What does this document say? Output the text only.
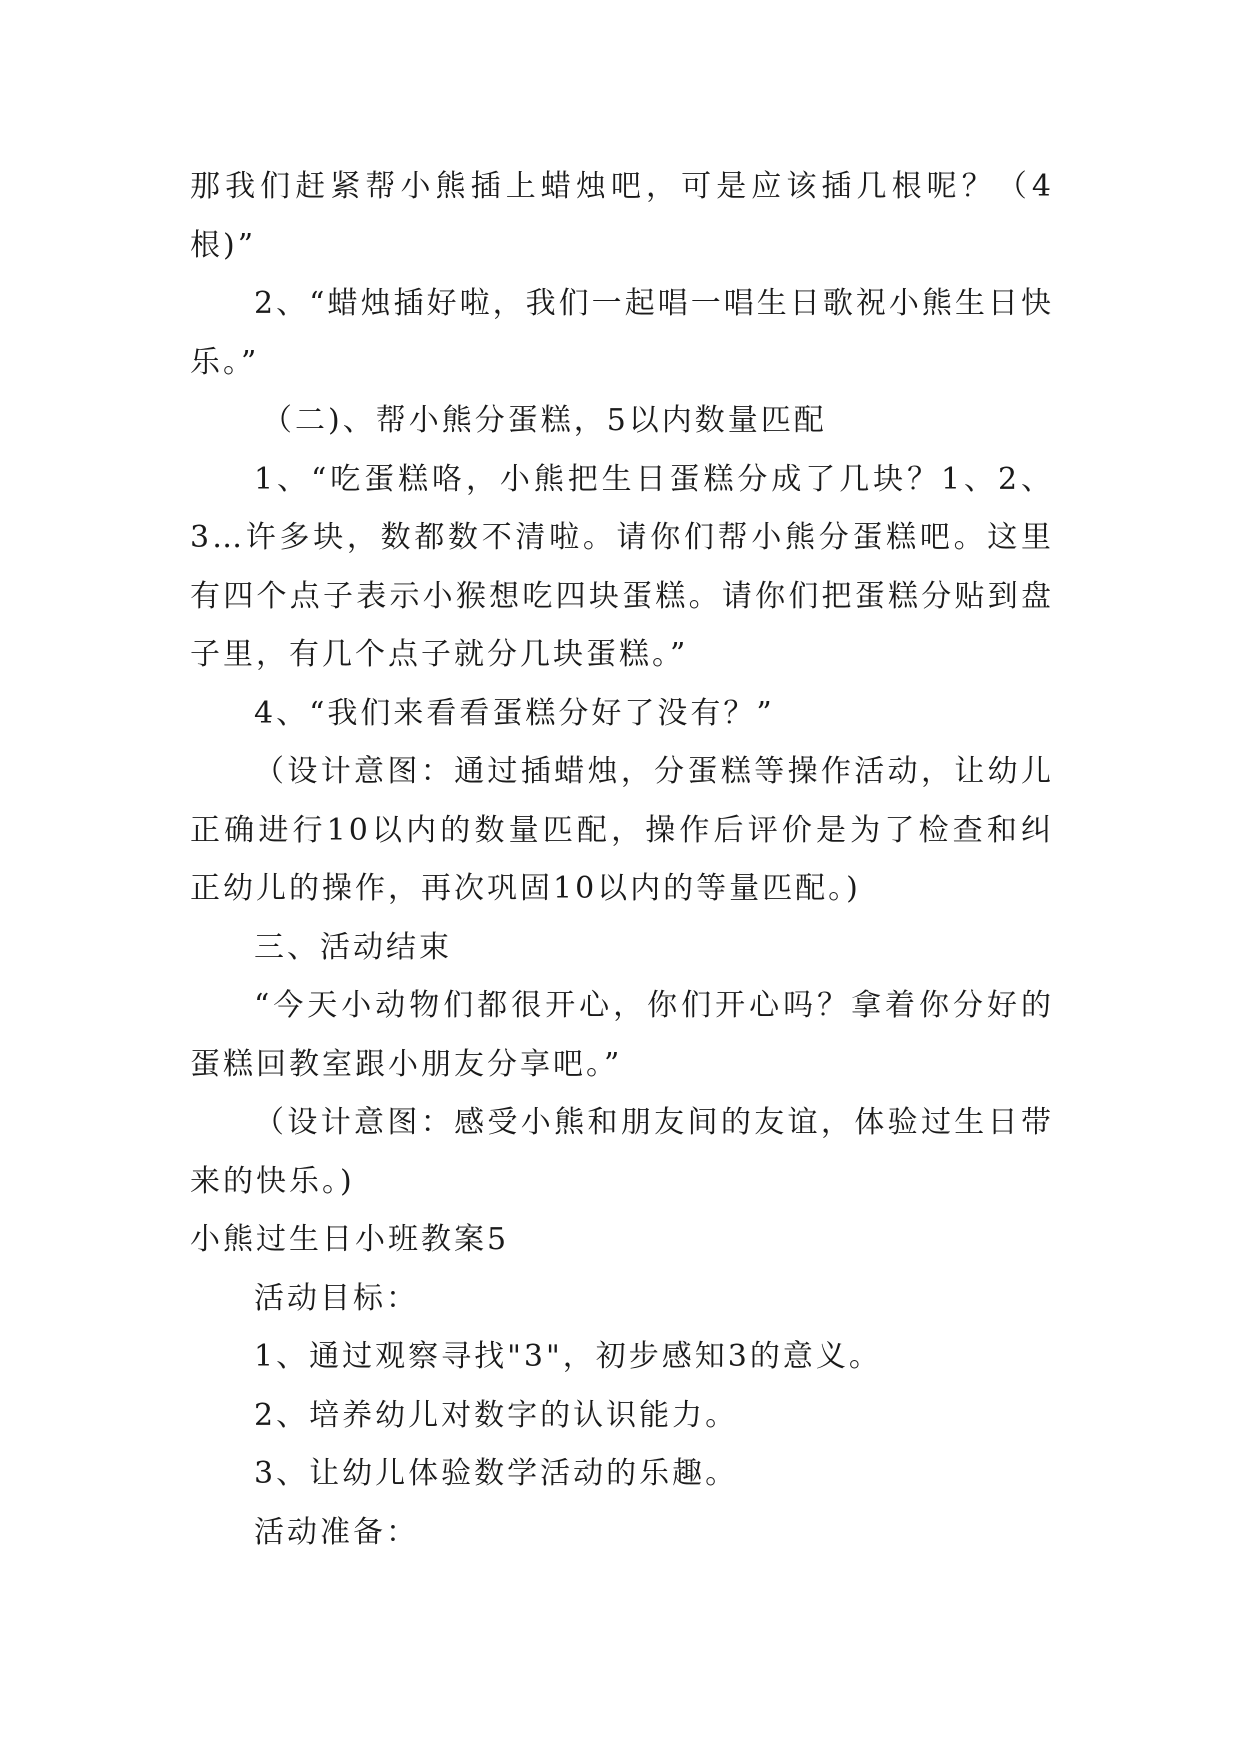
那我们赶紧帮小熊插上蜡烛吧，可是应该插几根呢？（4根)”

2、“蜡烛插好啦，我们一起唱一唱生日歌祝小熊生日快乐。”

（二)、帮小熊分蛋糕，5以内数量匹配

1、“吃蛋糕咯，小熊把生日蛋糕分成了几块？1、2、3…许多块，数都数不清啦。请你们帮小熊分蛋糕吧。这里有四个点子表示小猴想吃四块蛋糕。请你们把蛋糕分贴到盘子里，有几个点子就分几块蛋糕。”

4、“我们来看看蛋糕分好了没有？”

（设计意图：通过插蜡烛，分蛋糕等操作活动，让幼儿正确进行10以内的数量匹配，操作后评价是为了检查和纠正幼儿的操作，再次巩固10以内的等量匹配。)

三、活动结束

“今天小动物们都很开心，你们开心吗？拿着你分好的蛋糕回教室跟小朋友分享吧。”

（设计意图：感受小熊和朋友间的友谊，体验过生日带来的快乐。)

小熊过生日小班教案5

活动目标：

1、通过观察寻找"3"，初步感知3的意义。

2、培养幼儿对数字的认识能力。

3、让幼儿体验数学活动的乐趣。

活动准备：
